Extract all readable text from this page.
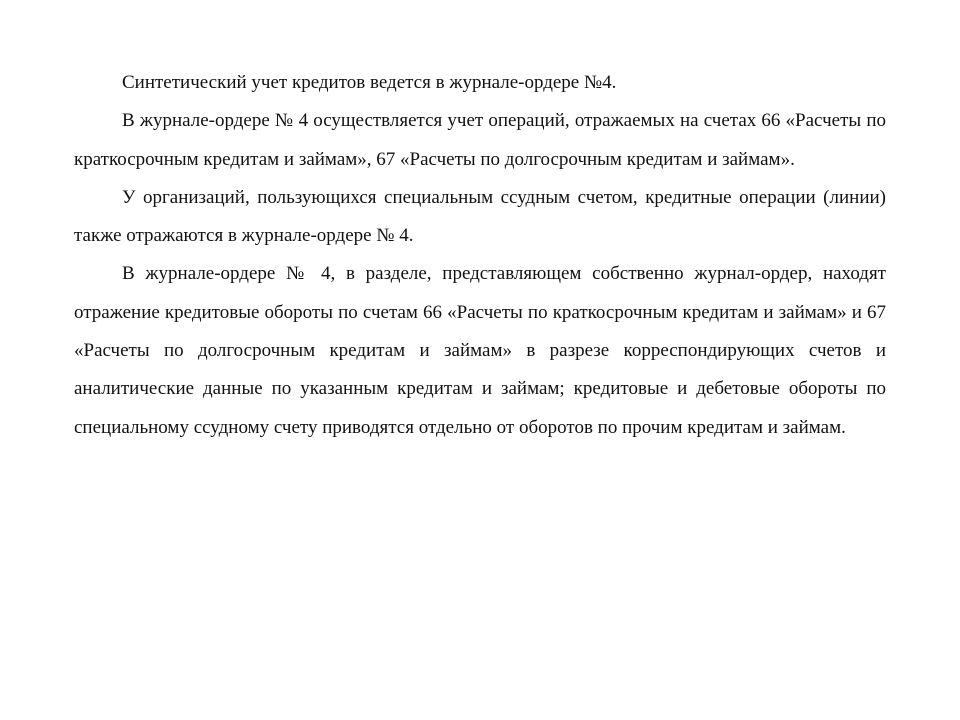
Синтетический учет кредитов ведется в журнале-ордере №4.

В журнале-ордере № 4 осуществляется учет операций, отражаемых на счетах 66 «Расчеты по краткосрочным кредитам и займам», 67 «Расчеты по долгосрочным кредитам и займам».

У организаций, пользующихся специальным ссудным счетом, кредитные операции (линии) также отражаются в журнале-ордере № 4.

В журнале-ордере № 4, в разделе, представляющем собственно журнал-ордер, находят отражение кредитовые обороты по счетам 66 «Расчеты по краткосрочным кредитам и займам» и 67 «Расчеты по долгосрочным кредитам и займам» в разрезе корреспондирующих счетов и аналитические данные по указанным кредитам и займам; кредитовые и дебетовые обороты по специальному ссудному счету приводятся отдельно от оборотов по прочим кредитам и займам.
